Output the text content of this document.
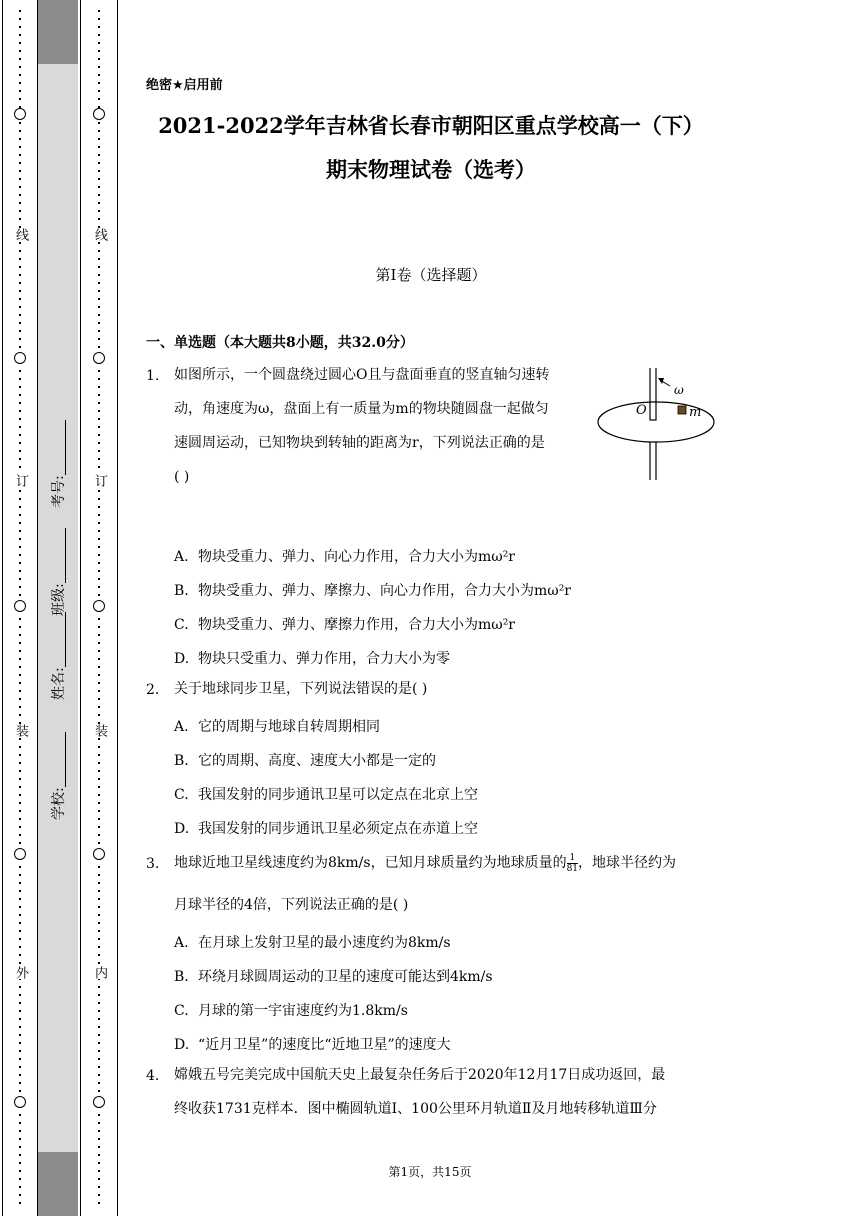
线
订
装
外
线
订
装
内
学校:
姓名:
班级:
考号:
绝密★启用前
2021-2022学年吉林省长春市朝阳区重点学校高一（下）
期末物理试卷（选考）
第Ⅰ卷（选择题）
一、单选题（本大题共8小题，共32.0分）
1. 如图所示，一个圆盘绕过圆心O且与盘面垂直的竖直轴匀速转
动，角速度为ω，盘面上有一质量为m的物块随圆盘一起做匀
速圆周运动，已知物块到转轴的距离为r，下列说法正确的是
( )
ω
O	m
A. 物块受重力、弹力、向心力作用，合力大小为mω²r
B. 物块受重力、弹力、摩擦力、向心力作用，合力大小为mω²r
C. 物块受重力、弹力、摩擦力作用，合力大小为mω²r
D. 物块只受重力、弹力作用，合力大小为零
2. 关于地球同步卫星，下列说法错误的是( )
A. 它的周期与地球自转周期相同
B. 它的周期、高度、速度大小都是一定的
C. 我国发射的同步通讯卫星可以定点在北京上空
D. 我国发射的同步通讯卫星必须定点在赤道上空
3. 地球近地卫星线速度约为8km/s，已知月球质量约为地球质量的 $\frac{1}{81}$ ，地球半径约为
月球半径的4倍，下列说法正确的是( )
A. 在月球上发射卫星的最小速度约为8km/s
B. 环绕月球圆周运动的卫星的速度可能达到4km/s
C. 月球的第一宇宙速度约为1.8km/s
D. “近月卫星”的速度比“近地卫星”的速度大
4. 嫦娥五号完美完成中国航天史上最复杂任务后于2020年12月17日成功返回，最
终收获1731克样本．图中椭圆轨道Ⅰ、100公里环月轨道Ⅱ及月地转移轨道Ⅲ分
第1页，共15页
